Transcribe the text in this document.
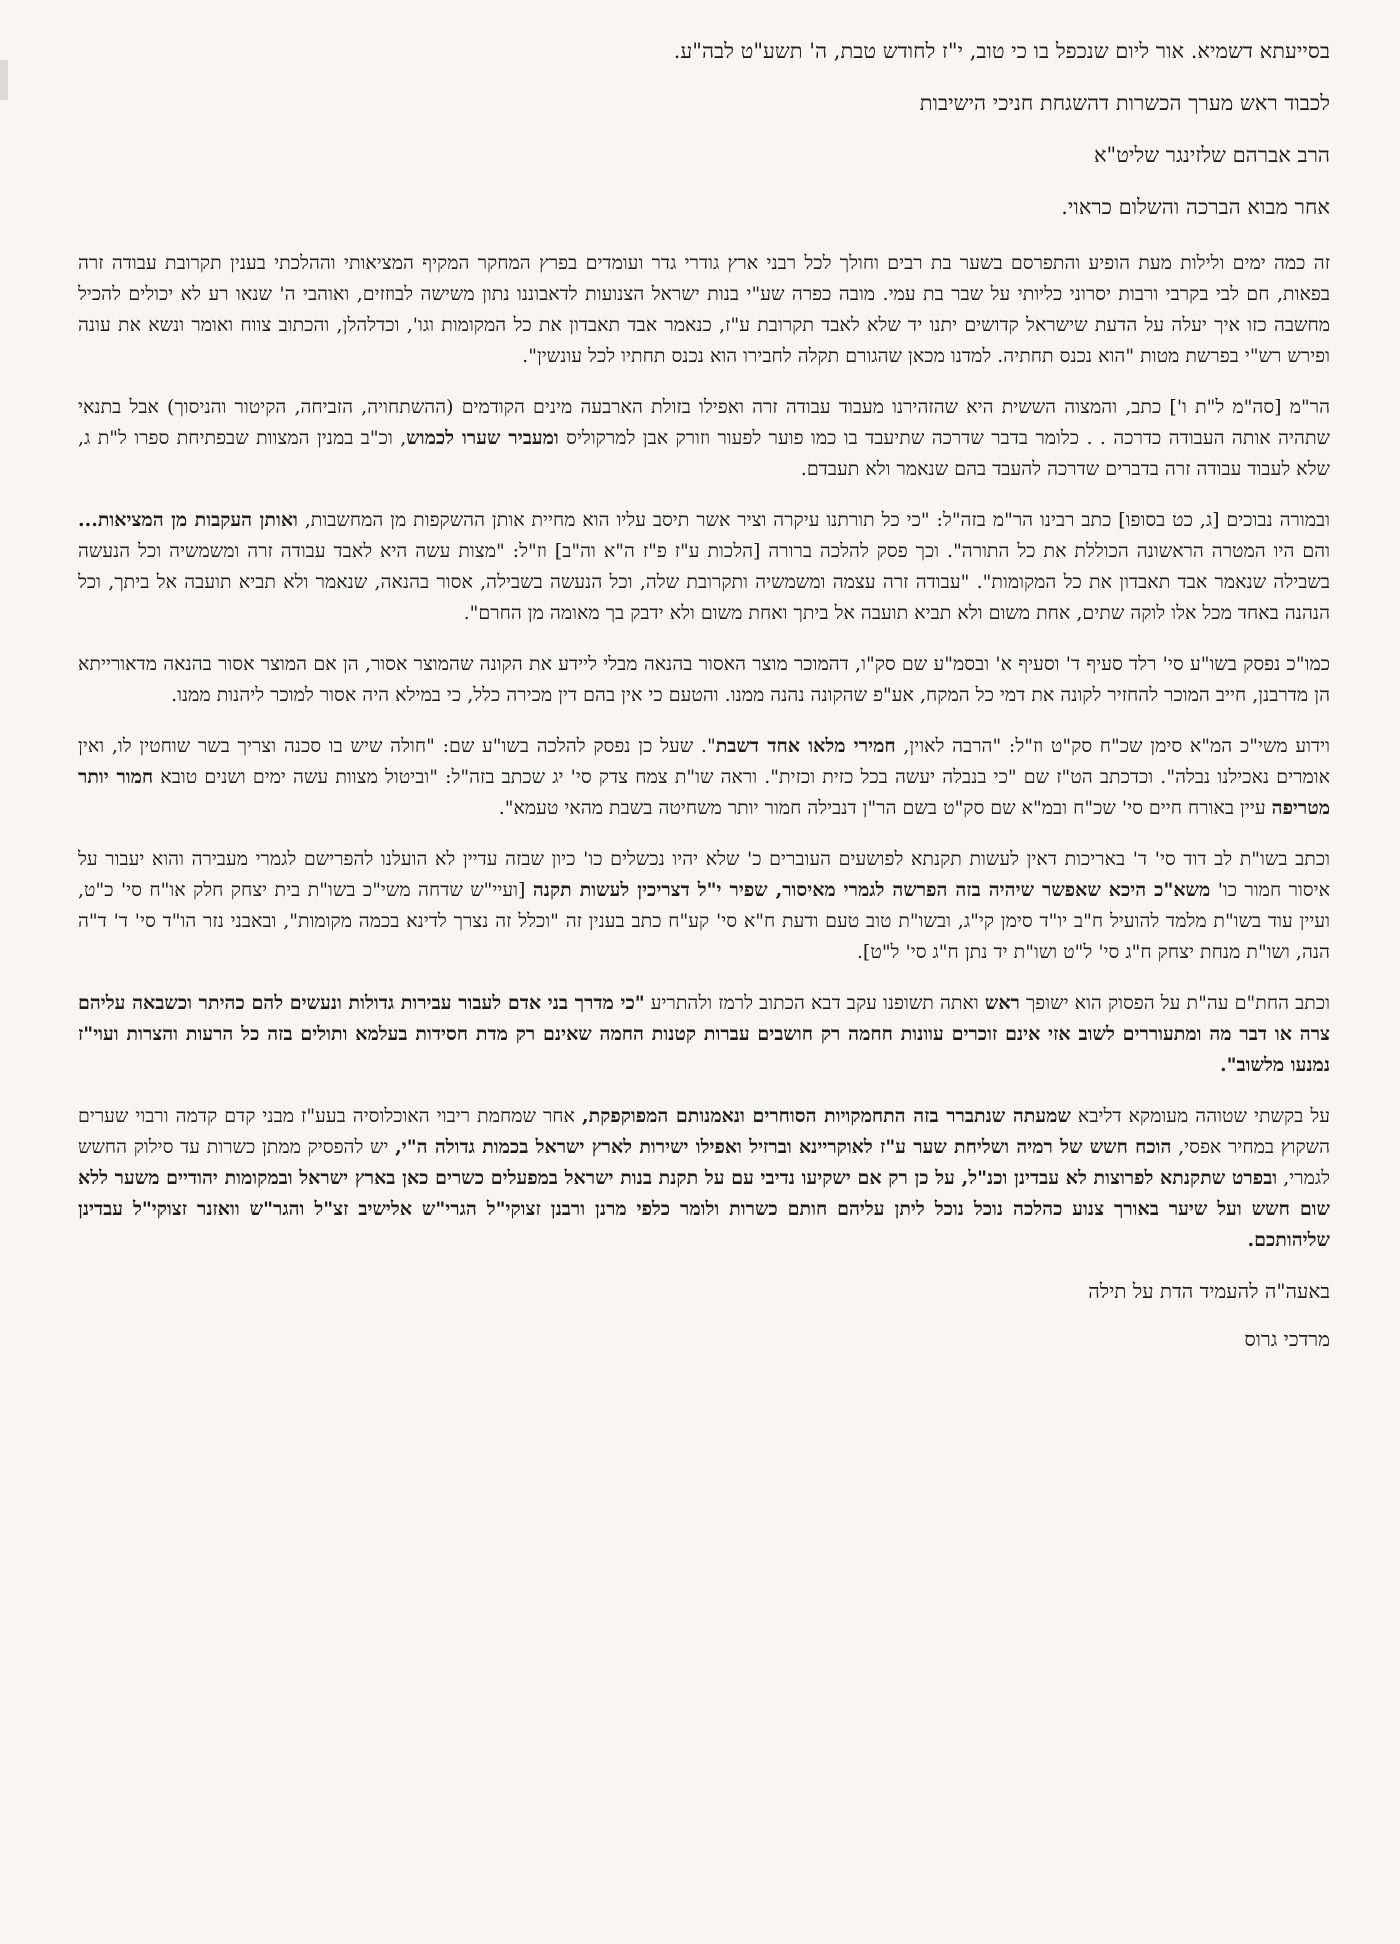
בסייעתא דשמיא. אור ליום שנכפל בו כי טוב, י"ז לחודש טבת, ה' תשע"ט לבה"ע.

לכבוד ראש מערך הכשרות דהשגחת חניכי הישיבות

הרב אברהם שלזינגר שליט"א

אחר מבוא הברכה והשלום כראוי.

זה כמה ימים ולילות מעת הופיע והתפרסם בשער בת רבים וחולך לכל רבני ארץ גודרי גדר ועומדים בפרץ המחקר המקיף המציאותי וההלכתי בענין תקרובת עבודה זרה בפאות, חם לבי בקרבי ורבות יסרוני כליותי על שבר בת עמי. מובה כפרה שע"י בנות ישראל הצנועות לדאבוננו נתון משישה לבוזזים, ואוהבי ה' שנאו רע לא יכולים להכיל מחשבה כזו איך יעלה על הדעת שישראל קדושים יתנו יד שלא לאבד תקרובת ע"ז, כנאמר אבד תאבדון את כל המקומות וגו', וכדלהלן, והכתוב צווח ואומר ונשא את עונה ופירש רש"י בפרשת מטות "הוא נכנס תחתיה. למדנו מכאן שהגורם תקלה לחבירו הוא נכנס תחתיו לכל עונשין".

הר"מ [סה"מ ל"ת ו'] כתב, והמצוה הששית היא שהזהירנו מעבוד עבודה זרה ואפילו בזולת הארבעה מינים הקודמים (ההשתחויה, הזביחה, הקיטור והניסוך) אבל בתנאי שתהיה אותה העבודה כדרכה . . כלומר בדבר שדרכה שתיעבד בו כמו פוער לפעור וזורק אבן למרקוליס ומעביר שערו לכמוש, וכ"ב במנין המצוות שבפתיחת ספרו ל"ת ג, שלא לעבוד עבודה זרה בדברים שדרכה להעבד בהם שנאמר ולא תעבדם.

ובמורה נבוכים [ג, כט בסופו] כתב רבינו הר"מ בזה"ל: "כי כל תורתנו עיקרה וציר אשר תיסב עליו הוא מחיית אותן ההשקפות מן המחשבות, ואותן העקבות מן המציאות... והם היו המטרה הראשונה הכוללת את כל התורה". וכך פסק להלכה ברורה [הלכות ע"ז פ"ז ה"א וה"ב] וז"ל: "מצות עשה היא לאבד עבודה זרה ומשמשיה וכל הנעשה בשבילה שנאמר אבד תאבדון את כל המקומות". "עבודה זרה עצמה ומשמשיה ותקרובת שלה, וכל הנעשה בשבילה, אסור בהנאה, שנאמר ולא תביא תועבה אל ביתך, וכל הנהנה באחד מכל אלו לוקה שתים, אחת משום ולא תביא תועבה אל ביתך ואחת משום ולא ידבק בך מאומה מן החרם".

כמו"כ נפסק בשו"ע סי' רלד סעיף ד' וסעיף א' ובסמ"ע שם סק"ו, דהמוכר מוצר האסור בהנאה מבלי ליידע את הקונה שהמוצר אסור, הן אם המוצר אסור בהנאה מדאורייתא הן מדרבנן, חייב המוכר להחזיר לקונה את דמי כל המקח, אע"פ שהקונה נהנה ממנו. והטעם כי אין בהם דין מכירה כלל, כי במילא היה אסור למוכר ליהנות ממנו.

וידוע משי"כ המ"א סימן שכ"ח סק"ט וז"ל: "הרבה לאוין, חמירי מלאו אחד דשבת". שעל כן נפסק להלכה בשו"ע שם: "חולה שיש בו סכנה וצריך בשר שוחטין לו, ואין אומרים נאכילנו נבלה". וכדכתב הט"ז שם "כי בנבלה יעשה בכל כזית וכזית". וראה שו"ת צמח צדק סי' יג שכתב בזה"ל: "וביטול מצוות עשה ימים ושנים טובא חמור יותר מטריפה עיין באורח חיים סי' שכ"ח ובמ"א שם סק"ט בשם הר"ן דנבילה חמור יותר משחיטה בשבת מהאי טעמא".

וכתב בשו"ת לב דוד סי' ד' באריכות דאין לעשות תקנתא לפושעים העוברים כ' שלא יהיו נכשלים כו' כיון שבזה עדיין לא הועלנו להפרישם לגמרי מעבירה והוא יעבור על איסור חמור כו' משא"כ היכא שאפשר שיהיה בזה הפרשה לגמרי מאיסור, שפיר י"ל דצריכין לעשות תקנה [ועיי"ש שדחה משי"כ בשו"ת בית יצחק חלק או"ח סי' כ"ט, ועיין עוד בשו"ת מלמד להועיל ח"ב יו"ד סימן קי"ג, ובשו"ת טוב טעם ודעת ח"א סי' קע"ח כתב בענין זה "וכלל זה נצרך לדינא בכמה מקומות", ובאבני נזר הו"ד סי' ד' ד"ה הנה, ושו"ת מנחת יצחק ח"ג סי' ל"ט ושו"ת יד נתן ח"ג סי' ל"ט].

וכתב החת"ם עה"ת על הפסוק הוא ישופך ראש ואתה תשופנו עקב דבא הכתוב לרמז ולהתריע "כי מדרך בני אדם לעבור עבירות גדולות ונעשים להם כהיתר וכשבאה עליהם צרה או דבר מה ומתעוררים לשוב אזי אינם זוכרים עוונות חחמה רק חושבים עברות קטנות החמה שאינם רק מדת חסידות בעלמא ותולים בזה כל הרעות והצרות ועוי"ז נמנעו מלשוב".

על בקשתי שטוהה מעומקא דליבא שמעתה שנתברר בזה התחמקויות הסוחרים ונאמנותם המפוקפקת, אחר שמחמת ריבוי האוכלוסיה בעע"ז מבני קדם קדמה ורבוי שערים השקוץ במחיר אפסי, הוכח חשש של רמיה ושליחת שער ע"ז לאוקריינא וברזיל ואפילו ישירות לארץ ישראל בכמות גדולה ה"י, יש להפסיק ממתן כשרות עד סילוק החשש לגמרי, ובפרט שתקנתא לפרוצות לא עבדינן וכנ"ל, על כן רק אם ישקיעו נדיבי עם על תקנת בנות ישראל במפעלים כשרים כאן בארץ ישראל ובמקומות יהודיים משער ללא שום חשש ועל שיער באורך צנוע כהלכה נוכל נוכל ליתן עליהם חותם כשרות ולומר כלפי מרנן ורבנן זצוקי"ל הגרי"ש אלישיב זצ"ל והגר"ש וואזנר זצוקי"ל עבדינן שליהותכם.

באעה"ה להעמיד הדת על תילה

מרדכי גרוס
